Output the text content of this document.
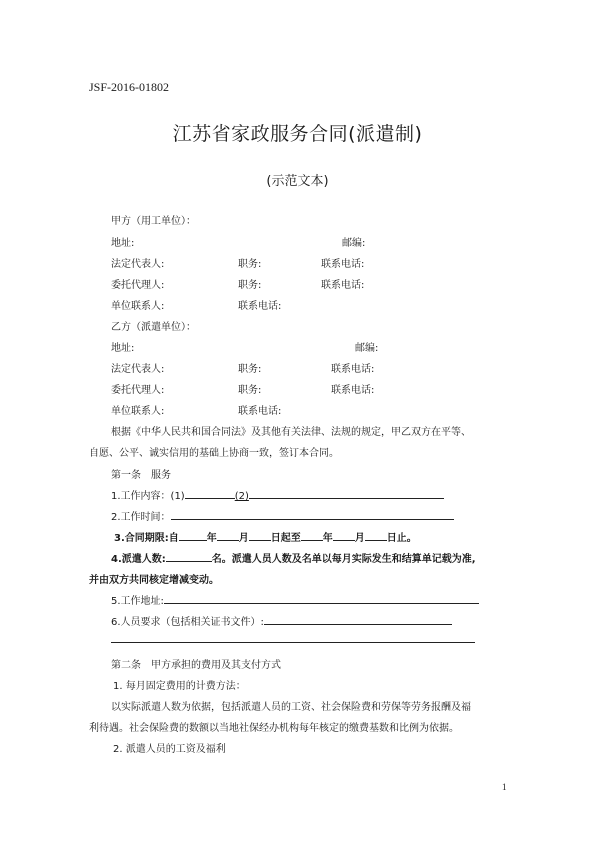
JSF-2016-01802
江苏省家政服务合同(派遣制)
(示范文本)
甲方（用工单位）：
地址:	邮编:
法定代表人:	职务:	联系电话:
委托代理人:	职务:	联系电话:
单位联系人:	联系电话:
乙方（派遣单位）：
地址:	邮编:
法定代表人:	职务:	联系电话:
委托代理人:	职务:	联系电话:
单位联系人:	联系电话:
根据《中华人民共和国合同法》及其他有关法律、法规的规定，甲乙双方在平等、
自愿、公平、诚实信用的基础上协商一致，签订本合同。
第一条　服务
1.工作内容：(1)	(2)
2.工作时间：
3.合同期限:自	年 月 日起至 年 月 日止。
4.派遣人数:	名。派遣人员人数及名单以每月实际发生和结算单记载为准,
并由双方共同核定增减变动。
5.工作地址:
6.人员要求（包括相关证书文件）:
第二条　甲方承担的费用及其支付方式
1. 每月固定费用的计费方法：
以实际派遣人数为依据，包括派遣人员的工资、社会保险费和劳保等劳务报酬及福
利待遇。社会保险费的数额以当地社保经办机构每年核定的缴费基数和比例为依据。
2. 派遣人员的工资及福利
1
